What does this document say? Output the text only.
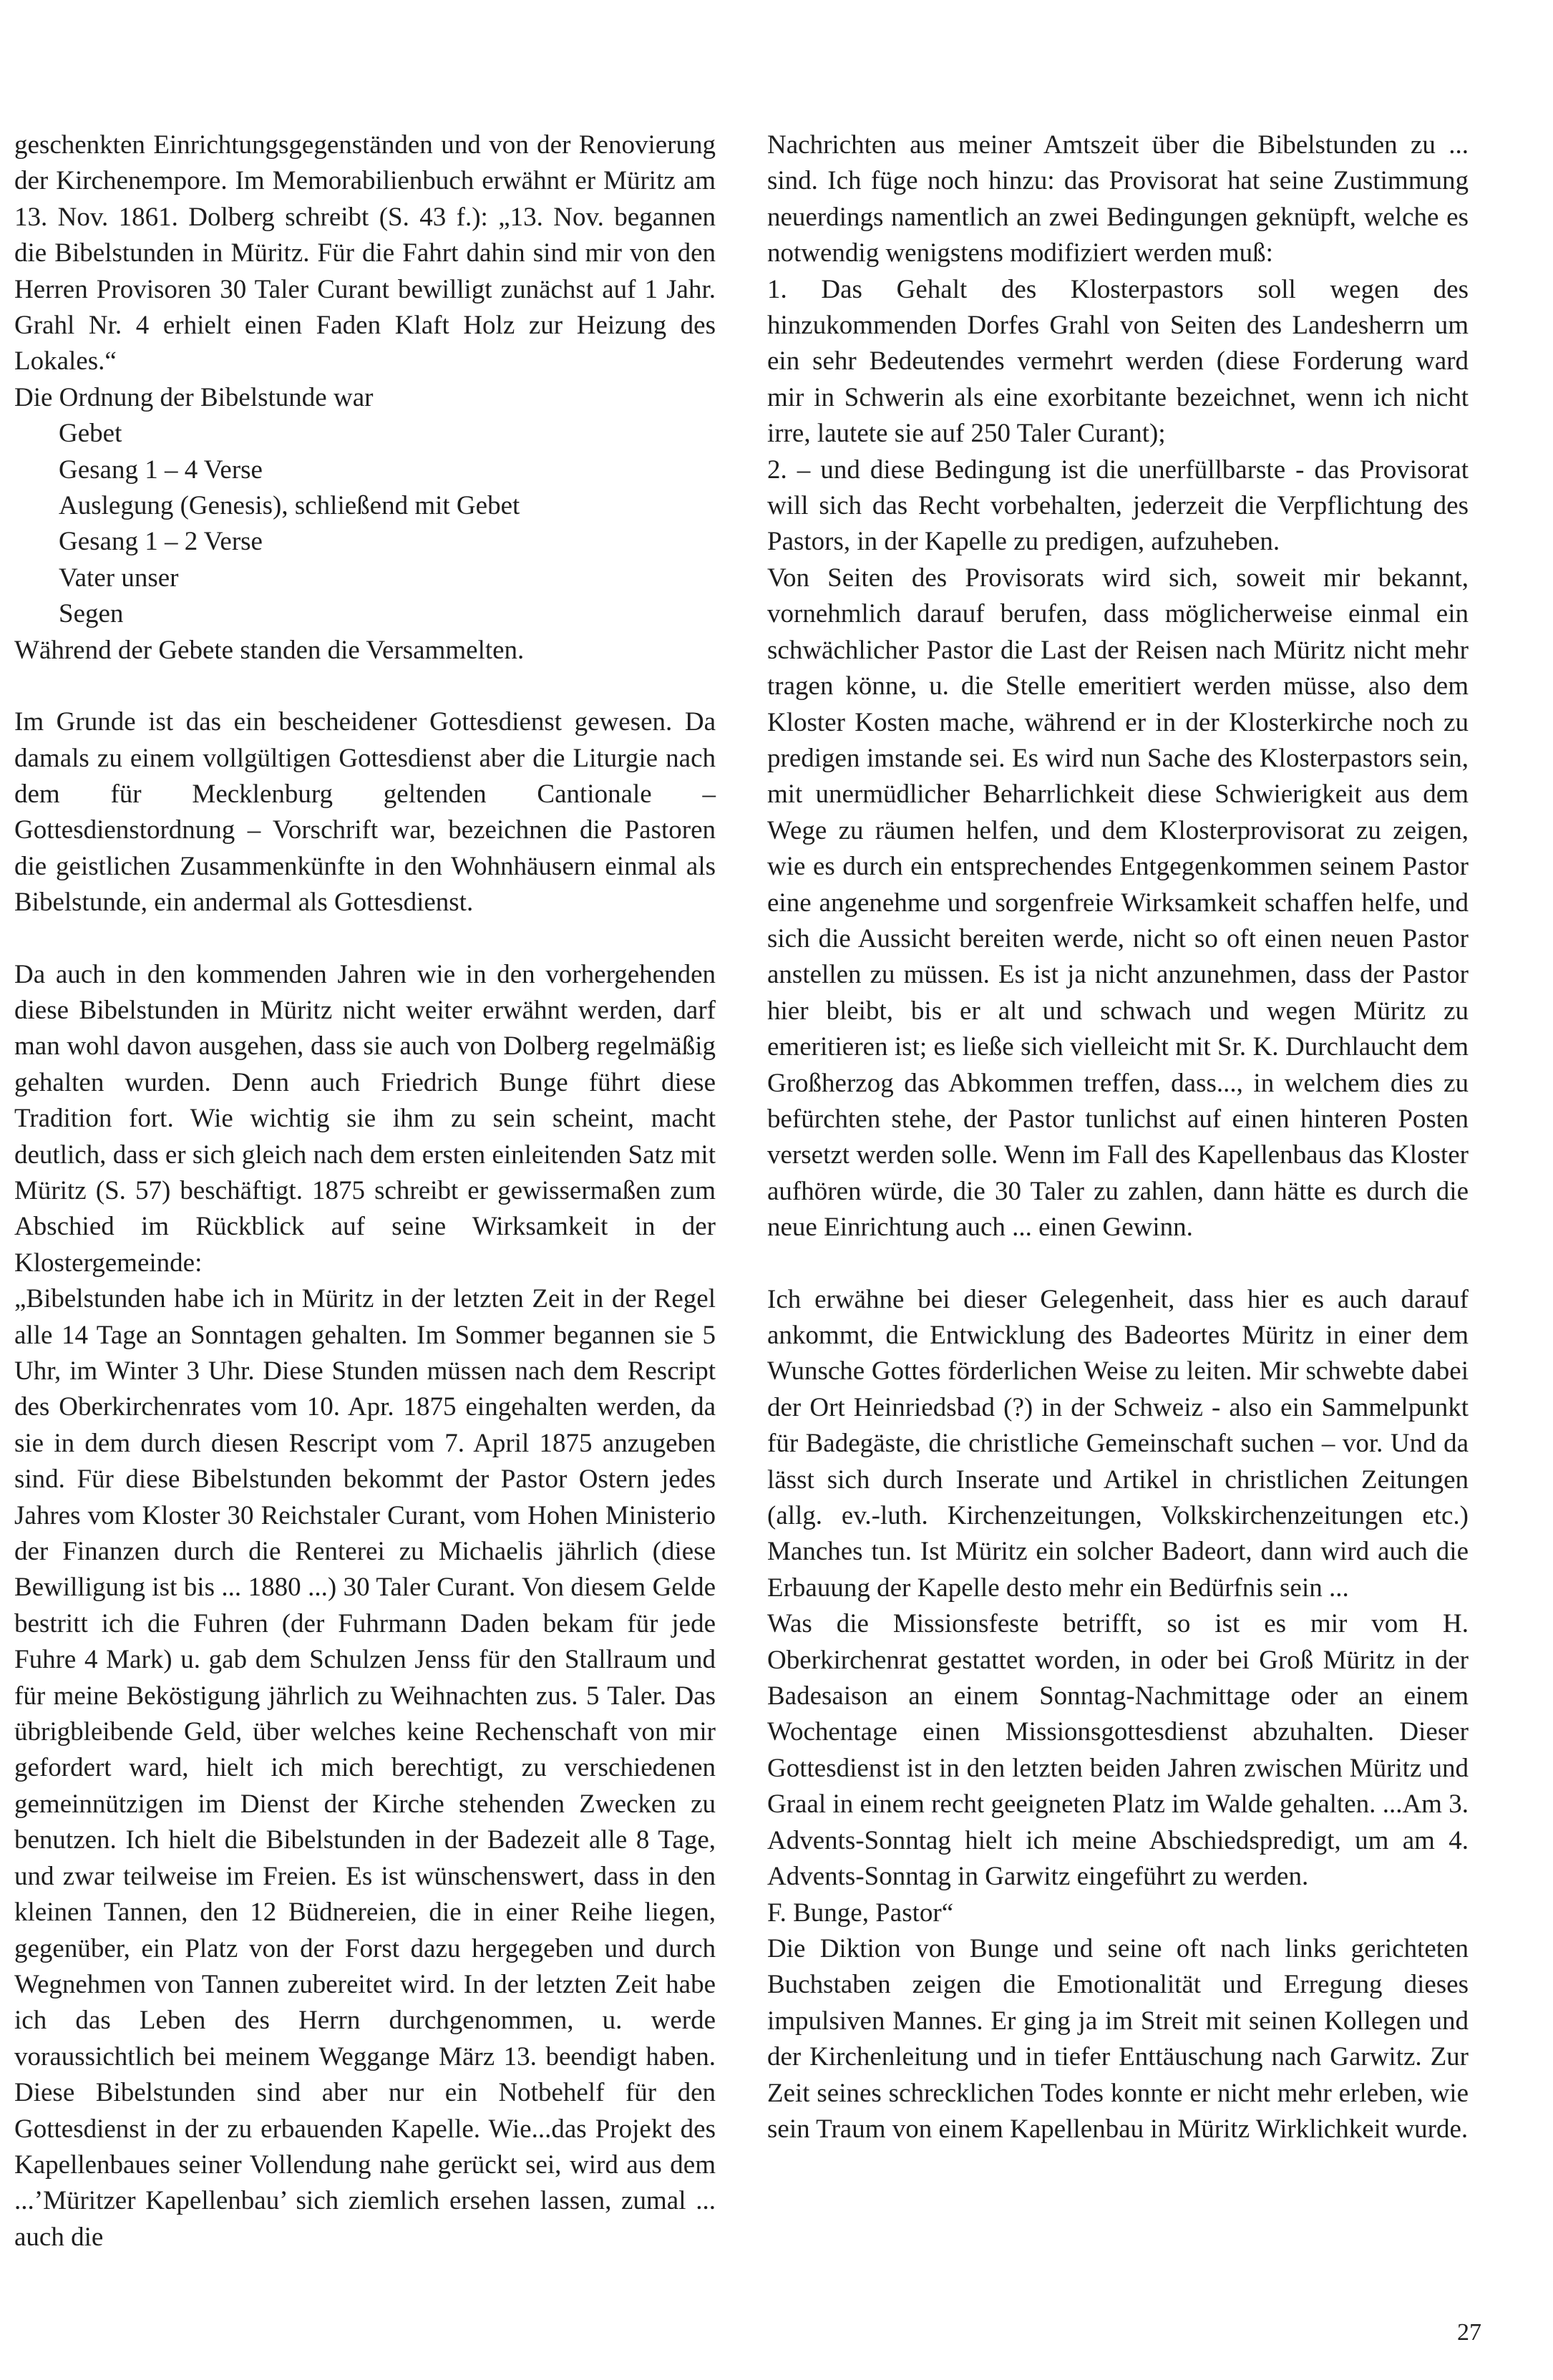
geschenkten Einrichtungsgegenständen und von der Renovierung der Kirchenempore. Im Memorabilienbuch erwähnt er Müritz am 13. Nov. 1861. Dolberg schreibt (S. 43 f.): „13. Nov. begannen die Bibelstunden in Müritz. Für die Fahrt dahin sind mir von den Herren Provisoren 30 Taler Curant bewilligt zunächst auf 1 Jahr. Grahl Nr. 4 erhielt einen Faden Klaft Holz zur Heizung des Lokales.“

Die Ordnung der Bibelstunde war

Gebet

Gesang 1 – 4 Verse

Auslegung (Genesis), schließend mit Gebet

Gesang 1 – 2 Verse

Vater unser

Segen

Während der Gebete standen die Versammelten.

Im Grunde ist das ein bescheidener Gottesdienst gewesen. Da damals zu einem vollgültigen Gottesdienst aber die Liturgie nach dem für Mecklenburg geltenden Cantionale – Gottesdienstordnung – Vorschrift war, bezeichnen die Pastoren die geistlichen Zusammenkünfte in den Wohnhäusern einmal als Bibelstunde, ein andermal als Gottesdienst.

Da auch in den kommenden Jahren wie in den vorhergehenden diese Bibelstunden in Müritz nicht weiter erwähnt werden, darf man wohl davon ausgehen, dass sie auch von Dolberg regelmäßig gehalten wurden. Denn auch Friedrich Bunge führt diese Tradition fort. Wie wichtig sie ihm zu sein scheint, macht deutlich, dass er sich gleich nach dem ersten einleitenden Satz mit Müritz (S. 57) beschäftigt. 1875 schreibt er gewissermaßen zum Abschied im Rückblick auf seine Wirksamkeit in der Klostergemeinde:

„Bibelstunden habe ich in Müritz in der letzten Zeit in der Regel alle 14 Tage an Sonntagen gehalten. Im Sommer begannen sie 5 Uhr, im Winter 3 Uhr. Diese Stunden müssen nach dem Rescript des Oberkirchenrates vom 10. Apr. 1875 eingehalten werden, da sie in dem durch diesen Rescript vom 7. April 1875 anzugeben sind. Für diese Bibelstunden bekommt der Pastor Ostern jedes Jahres vom Kloster 30 Reichstaler Curant, vom Hohen Ministerio der Finanzen durch die Renterei zu Michaelis jährlich (diese Bewilligung ist bis ... 1880 ...) 30 Taler Curant. Von diesem Gelde bestritt ich die Fuhren (der Fuhrmann Daden bekam für jede Fuhre 4 Mark) u. gab dem Schulzen Jenss für den Stallraum und für meine Beköstigung jährlich zu Weihnachten zus. 5 Taler. Das übrigbleibende Geld, über welches keine Rechenschaft von mir gefordert ward, hielt ich mich berechtigt, zu verschiedenen gemeinnützigen im Dienst der Kirche stehenden Zwecken zu benutzen. Ich hielt die Bibelstunden in der Badezeit alle 8 Tage, und zwar teilweise im Freien. Es ist wünschenswert, dass in den kleinen Tannen, den 12 Büdnereien, die in einer Reihe liegen, gegenüber, ein Platz von der Forst dazu hergegeben und durch Wegnehmen von Tannen zubereitet wird. In der letzten Zeit habe ich das Leben des Herrn durchgenommen, u. werde voraussichtlich bei meinem Weggange März 13. beendigt haben. Diese Bibelstunden sind aber nur ein Notbehelf für den Gottesdienst in der zu erbauenden Kapelle. Wie...das Projekt des Kapellenbaues seiner Vollendung nahe gerückt sei, wird aus dem ...’Müritzer Kapellenbau’ sich ziemlich ersehen lassen, zumal ... auch die

Nachrichten aus meiner Amtszeit über die Bibelstunden zu ... sind. Ich füge noch hinzu: das Provisorat hat seine Zustimmung neuerdings namentlich an zwei Bedingungen geknüpft, welche es notwendig wenigstens modifiziert werden muß:

1. Das Gehalt des Klosterpastors soll wegen des hinzukommenden Dorfes Grahl von Seiten des Landesherrn um ein sehr Bedeutendes vermehrt werden (diese Forderung ward mir in Schwerin als eine exorbitante bezeichnet, wenn ich nicht irre, lautete sie auf 250 Taler Curant);

2. – und diese Bedingung ist die unerfüllbarste - das Provisorat will sich das Recht vorbehalten, jederzeit die Verpflichtung des Pastors, in der Kapelle zu predigen, aufzuheben.

Von Seiten des Provisorats wird sich, soweit mir bekannt, vornehmlich darauf berufen, dass möglicherweise einmal ein schwächlicher Pastor die Last der Reisen nach Müritz nicht mehr tragen könne, u. die Stelle emeritiert werden müsse, also dem Kloster Kosten mache, während er in der Klosterkirche noch zu predigen imstande sei. Es wird nun Sache des Klosterpastors sein, mit unermüdlicher Beharrlichkeit diese Schwierigkeit aus dem Wege zu räumen helfen, und dem Klosterprovisorat zu zeigen, wie es durch ein entsprechendes Entgegenkommen seinem Pastor eine angenehme und sorgenfreie Wirksamkeit schaffen helfe, und sich die Aussicht bereiten werde, nicht so oft einen neuen Pastor anstellen zu müssen. Es ist ja nicht anzunehmen, dass der Pastor hier bleibt, bis er alt und schwach und wegen Müritz zu emeritieren ist; es ließe sich vielleicht mit Sr. K. Durchlaucht dem Großherzog das Abkommen treffen, dass..., in welchem dies zu befürchten stehe, der Pastor tunlichst auf einen hinteren Posten versetzt werden solle. Wenn im Fall des Kapellenbaus das Kloster aufhören würde, die 30 Taler zu zahlen, dann hätte es durch die neue Einrichtung auch ... einen Gewinn.

Ich erwähne bei dieser Gelegenheit, dass hier es auch darauf ankommt, die Entwicklung des Badeortes Müritz in einer dem Wunsche Gottes förderlichen Weise zu leiten. Mir schwebte dabei der Ort Heinriedsbad (?) in der Schweiz - also ein Sammelpunkt für Badegäste, die christliche Gemeinschaft suchen – vor. Und da lässt sich durch Inserate und Artikel in christlichen Zeitungen (allg. ev.-luth. Kirchenzeitungen, Volkskirchenzeitungen etc.) Manches tun. Ist Müritz ein solcher Badeort, dann wird auch die Erbauung der Kapelle desto mehr ein Bedürfnis sein ...

Was die Missionsfeste betrifft, so ist es mir vom H. Oberkirchenrat gestattet worden, in oder bei Groß Müritz in der Badesaison an einem Sonntag-Nachmittage oder an einem Wochentage einen Missionsgottesdienst abzuhalten. Dieser Gottesdienst ist in den letzten beiden Jahren zwischen Müritz und Graal in einem recht geeigneten Platz im Walde gehalten. ...Am 3. Advents-Sonntag hielt ich meine Abschiedspredigt, um am 4. Advents-Sonntag in Garwitz eingeführt zu werden.

F. Bunge, Pastor“

Die Diktion von Bunge und seine oft nach links gerichteten Buchstaben zeigen die Emotionalität und Erregung dieses impulsiven Mannes. Er ging ja im Streit mit seinen Kollegen und der Kirchenleitung und in tiefer Enttäuschung nach Garwitz. Zur Zeit seines schrecklichen Todes konnte er nicht mehr erleben, wie sein Traum von einem Kapellenbau in Müritz Wirklichkeit wurde.

27
